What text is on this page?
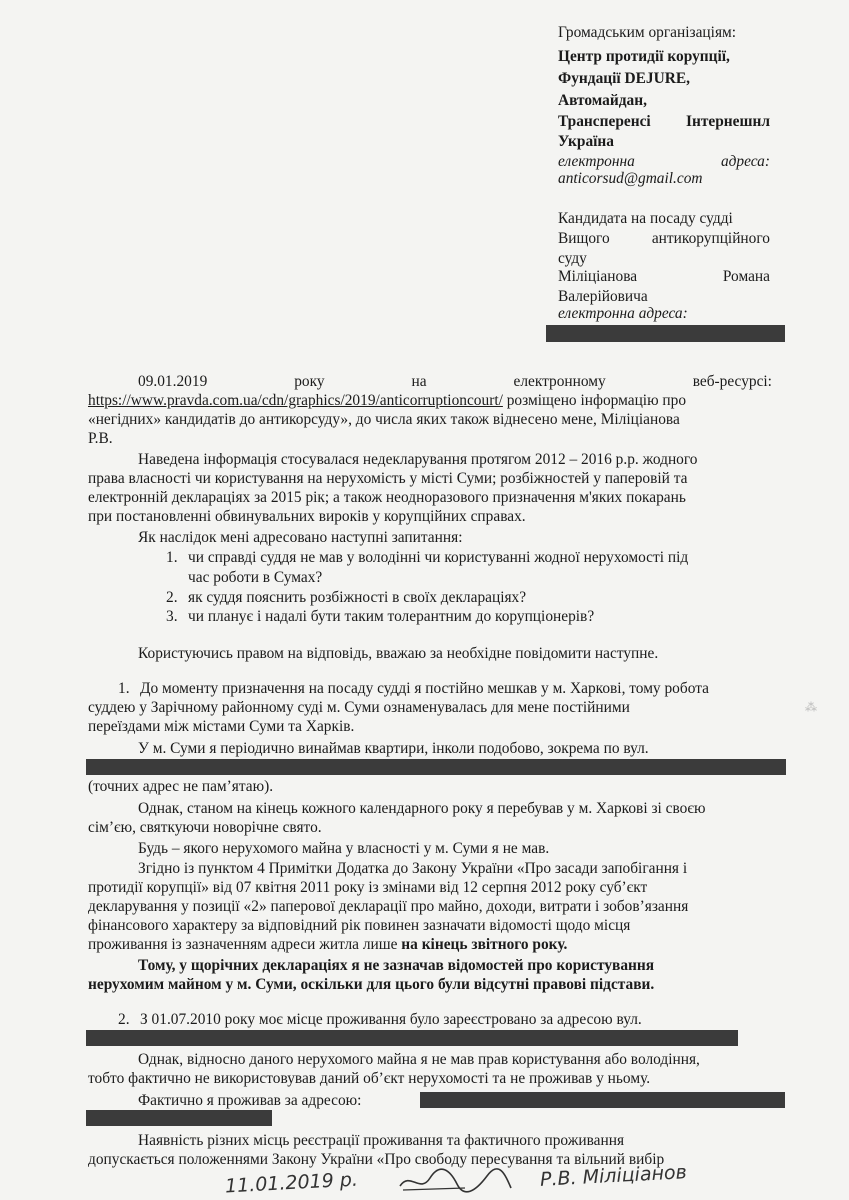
Громадським організаціям:
Центр протидії корупції,
Фундації DEJURE,
Автомайдан,
Трансперенсі Інтернешнл
Україна
електронна	адреса:
anticorsud@gmail.com
Кандидата на посаду судді
Вищого	антикорупційного
суду
Міліціанова	Романа
Валерійовича
електронна адреса:
09.01.2019	року	на	електронному	веб-ресурсі:
https://www.pravda.com.ua/cdn/graphics/2019/anticorruptioncourt/ розміщено інформацію про
«негідних» кандидатів до антикорсуду», до числа яких також віднесено мене, Міліціанова
Р.В.
Наведена інформація стосувалася недекларування протягом 2012 – 2016 р.р. жодного
права власності чи користування на нерухомість у місті Суми; розбіжностей у паперовій та
електронній деклараціях за 2015 рік; а також неодноразового призначення м'яких покарань
при постановленні обвинувальних вироків у корупційних справах.
Як наслідок мені адресовано наступні запитання:
1. чи справді суддя не мав у володінні чи користуванні жодної нерухомості під
час роботи в Сумах?
2. як суддя пояснить розбіжності в своїх деклараціях?
3. чи планує і надалі бути таким толерантним до корупціонерів?
Користуючись правом на відповідь, вважаю за необхідне повідомити наступне.
1. До моменту призначення на посаду судді я постійно мешкав у м. Харкові, тому робота
суддею у Зарічному районному суді м. Суми ознаменувалась для мене постійними
переїздами між містами Суми та Харків.
У м. Суми я періодично винаймав квартири, інколи подобово, зокрема по вул.
(точних адрес не пам’ятаю).
Однак, станом на кінець кожного календарного року я перебував у м. Харкові зі своєю
сім’єю, святкуючи новорічне свято.
Будь – якого нерухомого майна у власності у м. Суми я не мав.
Згідно із пунктом 4 Примітки Додатка до Закону України «Про засади запобігання і
протидії корупції» від 07 квітня 2011 року із змінами від 12 серпня 2012 року суб’єкт
декларування у позиції «2» паперової декларації про майно, доходи, витрати і зобов’язання
фінансового характеру за відповідний рік повинен зазначати відомості щодо місця
проживання із зазначенням адреси житла лише на кінець звітного року.
Тому, у щорічних деклараціях я не зазначав відомостей про користування
нерухомим майном у м. Суми, оскільки для цього були відсутні правові підстави.
2. З 01.07.2010 року моє місце проживання було зареєстровано за адресою вул.
Однак, відносно даного нерухомого майна я не мав прав користування або володіння,
тобто фактично не використовував даний об’єкт нерухомості та не проживав у ньому.
Фактично я проживав за адресою:
Наявність різних місць реєстрації проживання та фактичного проживання
допускається положеннями Закону України «Про свободу пересування та вільний вибір
11.01.2019 р.	Р.В. Міліціанов
⁂
